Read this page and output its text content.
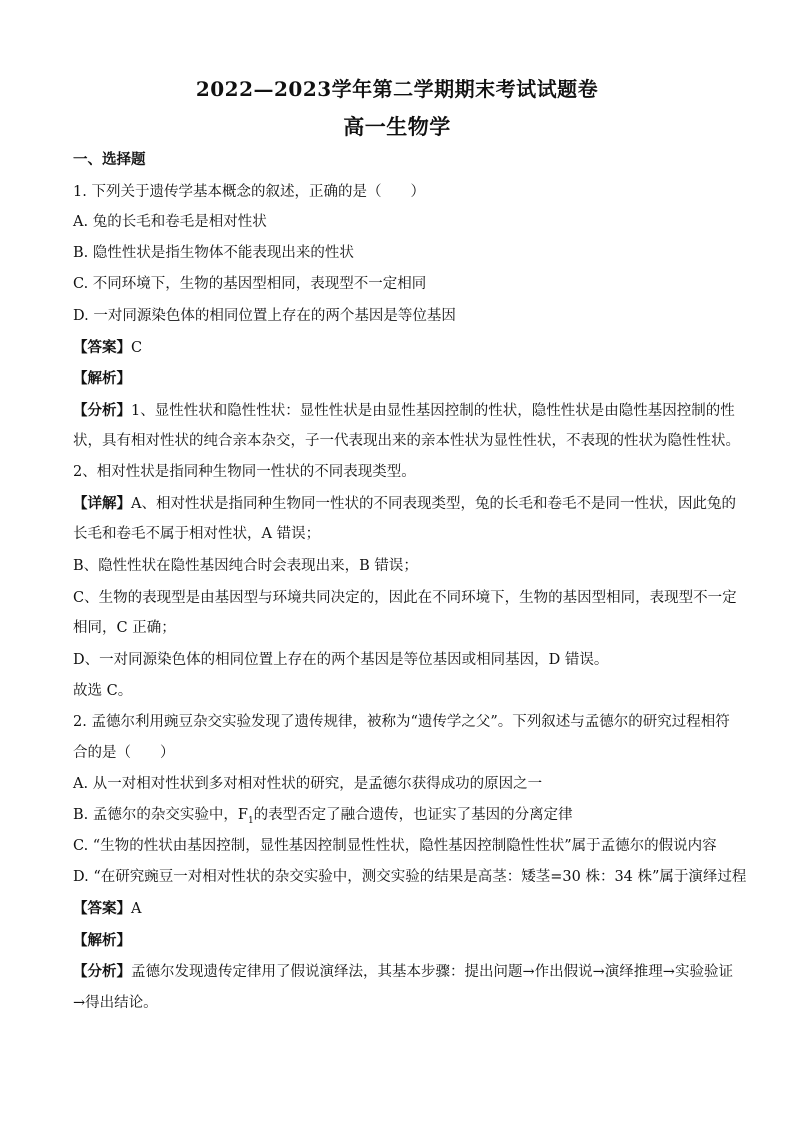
2022—2023学年第二学期期末考试试题卷
高一生物学
一、选择题
1. 下列关于遗传学基本概念的叙述，正确的是（　　）
A. 兔的长毛和卷毛是相对性状
B. 隐性性状是指生物体不能表现出来的性状
C. 不同环境下，生物的基因型相同，表现型不一定相同
D. 一对同源染色体的相同位置上存在的两个基因是等位基因
【答案】C
【解析】
【分析】1、显性性状和隐性性状：显性性状是由显性基因控制的性状，隐性性状是由隐性基因控制的性
状，具有相对性状的纯合亲本杂交，子一代表现出来的亲本性状为显性性状，不表现的性状为隐性性状。
2、相对性状是指同种生物同一性状的不同表现类型。
【详解】A、相对性状是指同种生物同一性状的不同表现类型，兔的长毛和卷毛不是同一性状，因此兔的
长毛和卷毛不属于相对性状，A 错误；
B、隐性性状在隐性基因纯合时会表现出来，B 错误；
C、生物的表现型是由基因型与环境共同决定的，因此在不同环境下，生物的基因型相同，表现型不一定
相同，C 正确；
D、一对同源染色体的相同位置上存在的两个基因是等位基因或相同基因，D 错误。
故选 C。
2. 孟德尔利用豌豆杂交实验发现了遗传规律，被称为“遗传学之父”。下列叙述与孟德尔的研究过程相符
合的是（　　）
A. 从一对相对性状到多对相对性状的研究，是孟德尔获得成功的原因之一
B. 孟德尔的杂交实验中，$F_1$的表型否定了融合遗传，也证实了基因的分离定律
C. “生物的性状由基因控制，显性基因控制显性性状，隐性基因控制隐性性状”属于孟德尔的假说内容
D. “在研究豌豆一对相对性状的杂交实验中，测交实验的结果是高茎：矮茎=30 株：34 株”属于演绎过程
【答案】A
【解析】
【分析】孟德尔发现遗传定律用了假说演绎法，其基本步骤：提出问题→作出假说→演绎推理→实验验证
→得出结论。
